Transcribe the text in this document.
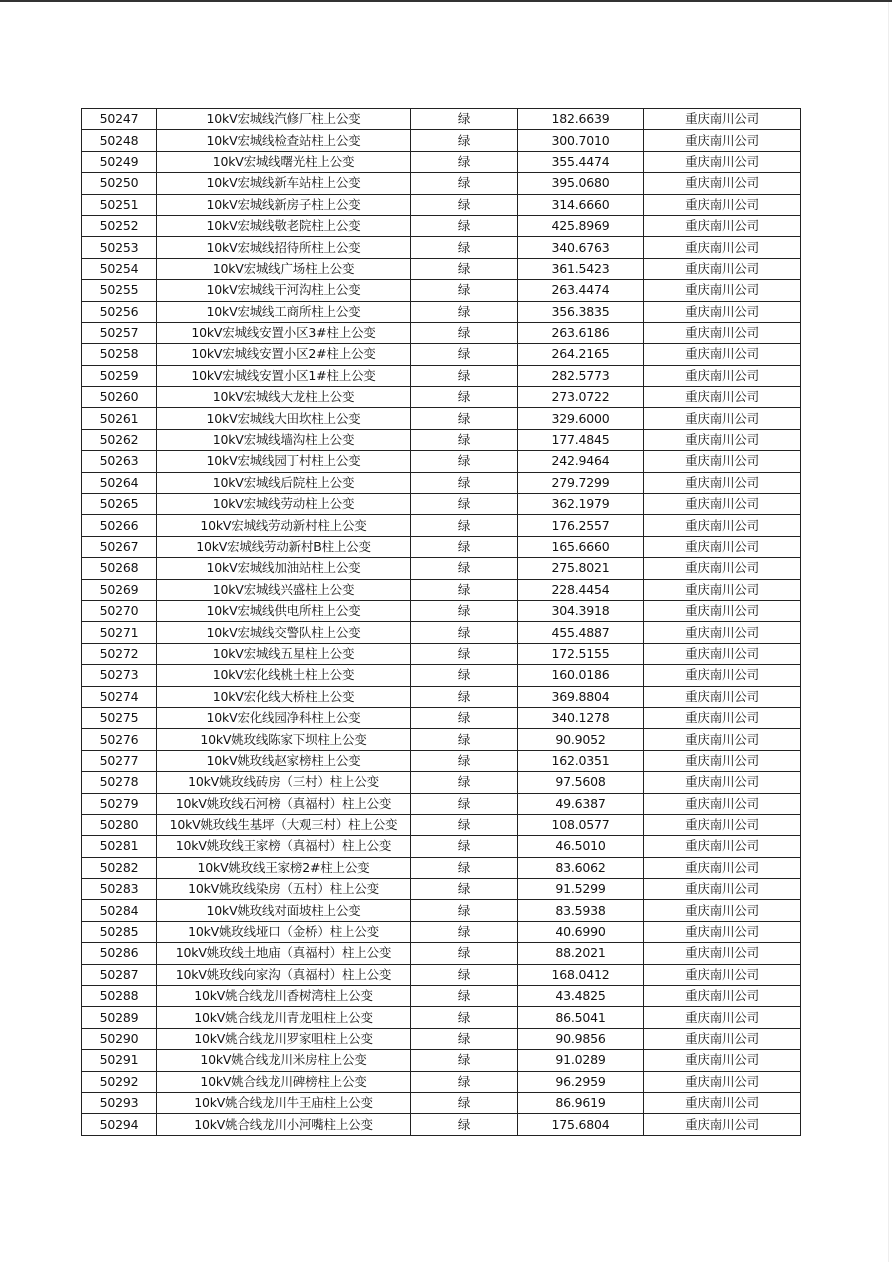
50247	10kV宏城线汽修厂柱上公变	绿	182.6639	重庆南川公司
50248	10kV宏城线检查站柱上公变	绿	300.7010	重庆南川公司
50249	10kV宏城线曙光柱上公变	绿	355.4474	重庆南川公司
50250	10kV宏城线新车站柱上公变	绿	395.0680	重庆南川公司
50251	10kV宏城线新房子柱上公变	绿	314.6660	重庆南川公司
50252	10kV宏城线敬老院柱上公变	绿	425.8969	重庆南川公司
50253	10kV宏城线招待所柱上公变	绿	340.6763	重庆南川公司
50254	10kV宏城线广场柱上公变	绿	361.5423	重庆南川公司
50255	10kV宏城线干河沟柱上公变	绿	263.4474	重庆南川公司
50256	10kV宏城线工商所柱上公变	绿	356.3835	重庆南川公司
50257	10kV宏城线安置小区3#柱上公变	绿	263.6186	重庆南川公司
50258	10kV宏城线安置小区2#柱上公变	绿	264.2165	重庆南川公司
50259	10kV宏城线安置小区1#柱上公变	绿	282.5773	重庆南川公司
50260	10kV宏城线大龙柱上公变	绿	273.0722	重庆南川公司
50261	10kV宏城线大田坎柱上公变	绿	329.6000	重庆南川公司
50262	10kV宏城线墙沟柱上公变	绿	177.4845	重庆南川公司
50263	10kV宏城线园丁村柱上公变	绿	242.9464	重庆南川公司
50264	10kV宏城线后院柱上公变	绿	279.7299	重庆南川公司
50265	10kV宏城线劳动柱上公变	绿	362.1979	重庆南川公司
50266	10kV宏城线劳动新村柱上公变	绿	176.2557	重庆南川公司
50267	10kV宏城线劳动新村B柱上公变	绿	165.6660	重庆南川公司
50268	10kV宏城线加油站柱上公变	绿	275.8021	重庆南川公司
50269	10kV宏城线兴盛柱上公变	绿	228.4454	重庆南川公司
50270	10kV宏城线供电所柱上公变	绿	304.3918	重庆南川公司
50271	10kV宏城线交警队柱上公变	绿	455.4887	重庆南川公司
50272	10kV宏城线五星柱上公变	绿	172.5155	重庆南川公司
50273	10kV宏化线桃土柱上公变	绿	160.0186	重庆南川公司
50274	10kV宏化线大桥柱上公变	绿	369.8804	重庆南川公司
50275	10kV宏化线园净科柱上公变	绿	340.1278	重庆南川公司
50276	10kV姚玫线陈家下坝柱上公变	绿	90.9052	重庆南川公司
50277	10kV姚玫线赵家榜柱上公变	绿	162.0351	重庆南川公司
50278	10kV姚玫线砖房（三村）柱上公变	绿	97.5608	重庆南川公司
50279	10kV姚玫线石河榜（真福村）柱上公变	绿	49.6387	重庆南川公司
50280	10kV姚玫线生基坪（大观三村）柱上公变	绿	108.0577	重庆南川公司
50281	10kV姚玫线王家榜（真福村）柱上公变	绿	46.5010	重庆南川公司
50282	10kV姚玫线王家榜2#柱上公变	绿	83.6062	重庆南川公司
50283	10kV姚玫线染房（五村）柱上公变	绿	91.5299	重庆南川公司
50284	10kV姚玫线对面坡柱上公变	绿	83.5938	重庆南川公司
50285	10kV姚玫线垭口（金桥）柱上公变	绿	40.6990	重庆南川公司
50286	10kV姚玫线土地庙（真福村）柱上公变	绿	88.2021	重庆南川公司
50287	10kV姚玫线向家沟（真福村）柱上公变	绿	168.0412	重庆南川公司
50288	10kV姚合线龙川香树湾柱上公变	绿	43.4825	重庆南川公司
50289	10kV姚合线龙川青龙咀柱上公变	绿	86.5041	重庆南川公司
50290	10kV姚合线龙川罗家咀柱上公变	绿	90.9856	重庆南川公司
50291	10kV姚合线龙川米房柱上公变	绿	91.0289	重庆南川公司
50292	10kV姚合线龙川碑榜柱上公变	绿	96.2959	重庆南川公司
50293	10kV姚合线龙川牛王庙柱上公变	绿	86.9619	重庆南川公司
50294	10kV姚合线龙川小河嘴柱上公变	绿	175.6804	重庆南川公司
